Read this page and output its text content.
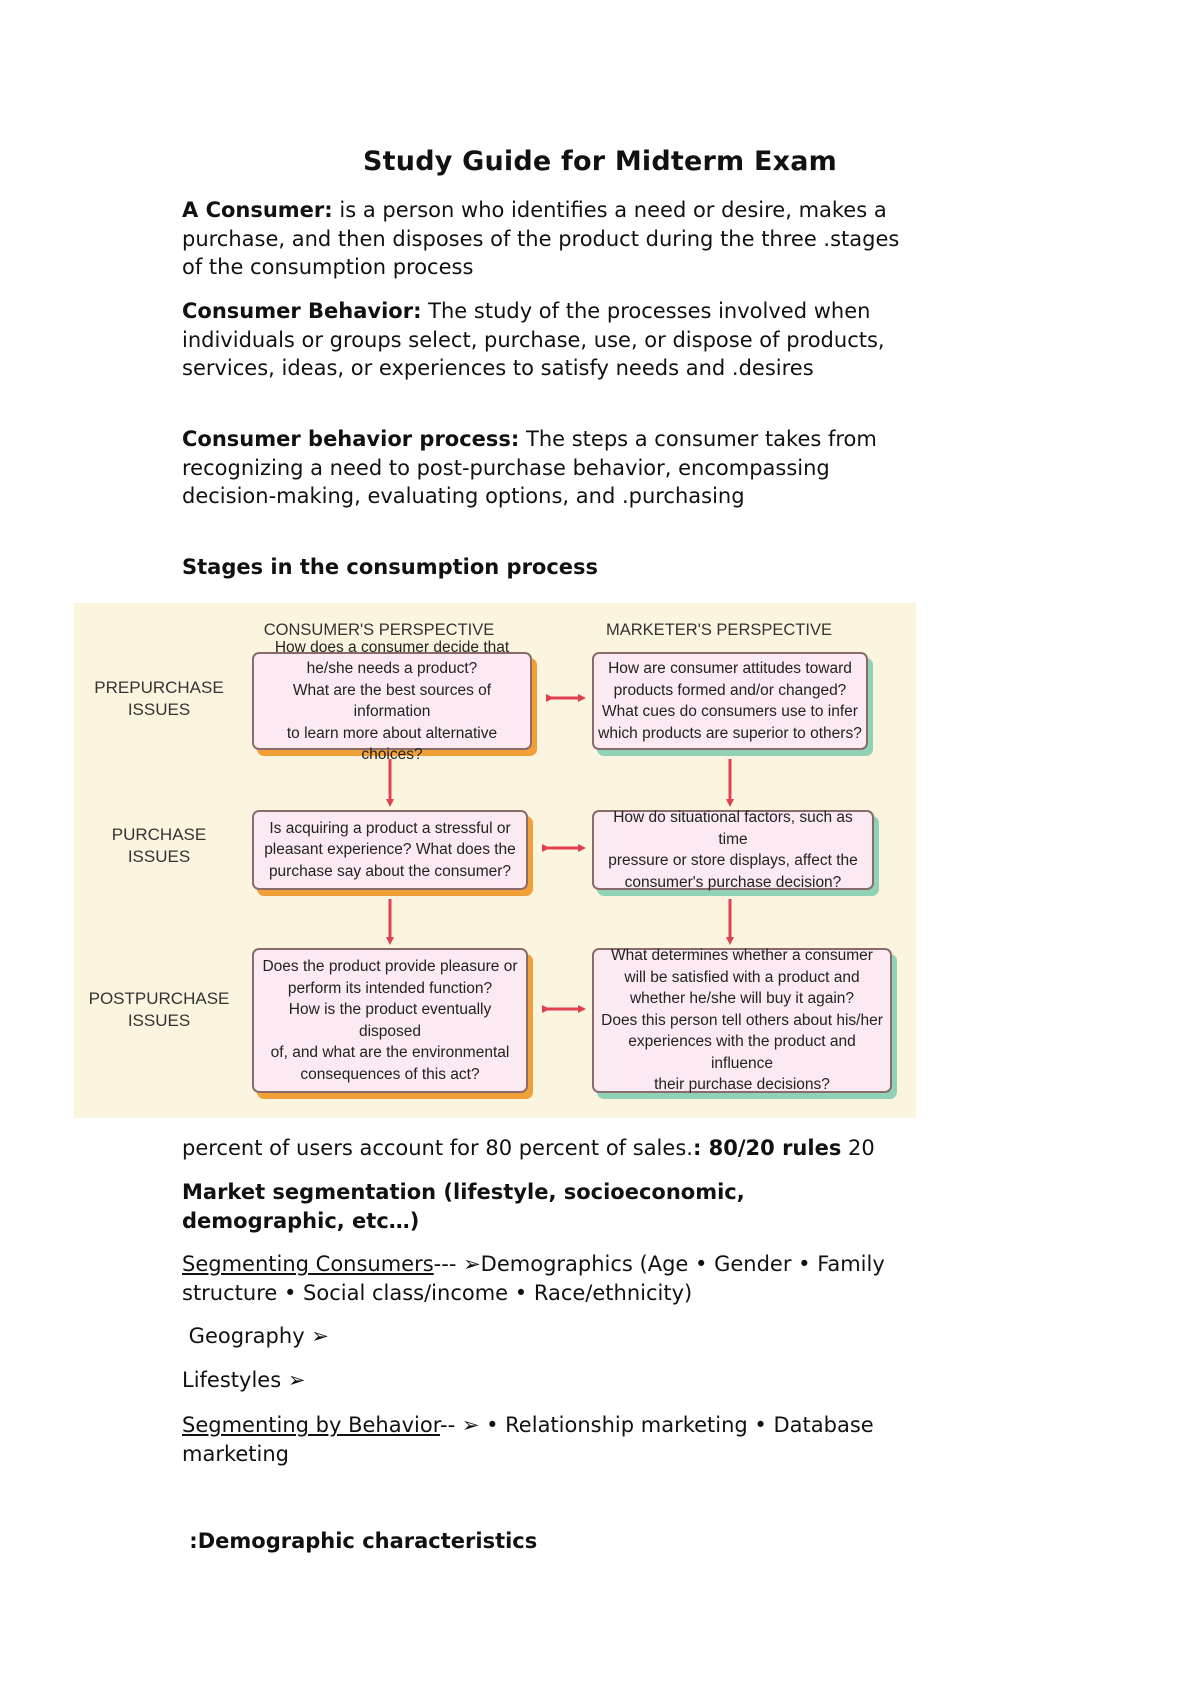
Study Guide for Midterm Exam

A Consumer: is a person who identifies a need or desire, makes a purchase, and then disposes of the product during the three .stages of the consumption process

Consumer Behavior: The study of the processes involved when individuals or groups select, purchase, use, or dispose of products, services, ideas, or experiences to satisfy needs and .desires

Consumer behavior process: The steps a consumer takes from recognizing a need to post-purchase behavior, encompassing decision-making, evaluating options, and .purchasing

Stages in the consumption process

CONSUMER'S PERSPECTIVE	MARKETER'S PERSPECTIVE
PREPURCHASE
ISSUES
PURCHASE
ISSUES
POSTPURCHASE
ISSUES
How does a consumer decide that
he/she needs a product?
What are the best sources of information
to learn more about alternative choices?
How are consumer attitudes toward
products formed and/or changed?
What cues do consumers use to infer
which products are superior to others?
Is acquiring a product a stressful or
pleasant experience? What does the
purchase say about the consumer?
How do situational factors, such as time
pressure or store displays, affect the
consumer's purchase decision?
Does the product provide pleasure or
perform its intended function?
How is the product eventually disposed
of, and what are the environmental
consequences of this act?
What determines whether a consumer
will be satisfied with a product and
whether he/she will buy it again?
Does this person tell others about his/her
experiences with the product and influence
their purchase decisions?

percent of users account for 80 percent of sales.: 80/20 rules 20

Market segmentation (lifestyle, socioeconomic, demographic, etc…)

Segmenting Consumers--- ➢Demographics (Age • Gender • Family structure • Social class/income • Race/ethnicity)

Geography ➢

Lifestyles ➢

Segmenting by Behavior-- ➢ • Relationship marketing • Database marketing

:Demographic characteristics
